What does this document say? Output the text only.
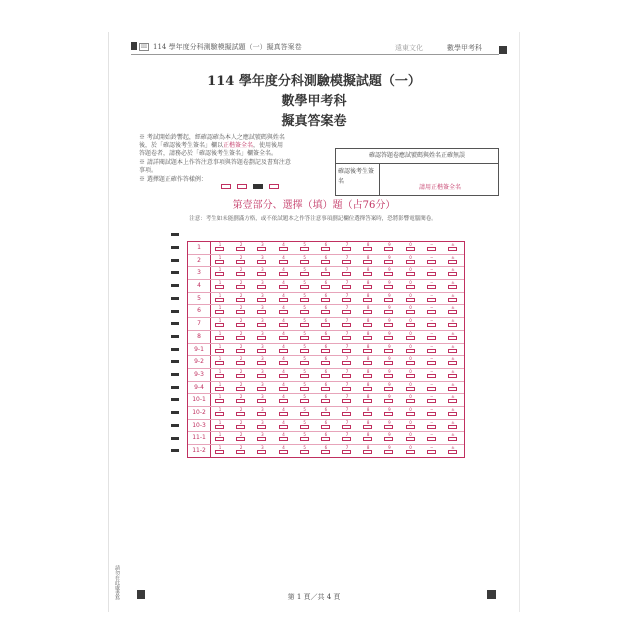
III 114 學年度分科測驗模擬試題（一）擬真答案卷	遠東文化	數學甲考科
114 學年度分科測驗模擬試題（一）
數學甲考科
擬真答案卷
※ 考試開始鈴響起，經確認確為本人之應試號碼與姓名
後，於「確認後考生簽名」欄以正楷簽全名，使用後用
答題卷者，請務必於「確認後考生簽名」欄簽全名。
※ 請詳閱試題本上作答注意事項與答題卷劃記及書寫注意
事項。
※ 選擇題正確作答樣例：
確認答題卷應試號碼與姓名正確無誤
確認後考生簽名
請用正楷簽全名
第壹部分、選擇（填）題（占76分）
注意：考生如未能劃滿方格，或不依試題本之作答注意事項劃記欄位選擇答案時，恐將影響電腦閱卷。
1	1	2	3	4	5	6	7	8	9	0	−	±
2	1	2	3	4	5	6	7	8	9	0	−	±
3	1	2	3	4	5	6	7	8	9	0	−	±
4	1	2	3	4	5	6	7	8	9	0	−	±
5	1	2	3	4	5	6	7	8	9	0	−	±
6	1	2	3	4	5	6	7	8	9	0	−	±
7	1	2	3	4	5	6	7	8	9	0	−	±
8	1	2	3	4	5	6	7	8	9	0	−	±
9-1	1	2	3	4	5	6	7	8	9	0	−	±
9-2	1	2	3	4	5	6	7	8	9	0	−	±
9-3	1	2	3	4	5	6	7	8	9	0	−	±
9-4	1	2	3	4	5	6	7	8	9	0	−	±
10-1	1	2	3	4	5	6	7	8	9	0	−	±
10-2	1	2	3	4	5	6	7	8	9	0	−	±
10-3	1	2	3	4	5	6	7	8	9	0	−	±
11-1	1	2	3	4	5	6	7	8	9	0	−	±
11-2	1	2	3	4	5	6	7	8	9	0	−	±
第 1 頁／共 4 頁
請勿在此處書寫
